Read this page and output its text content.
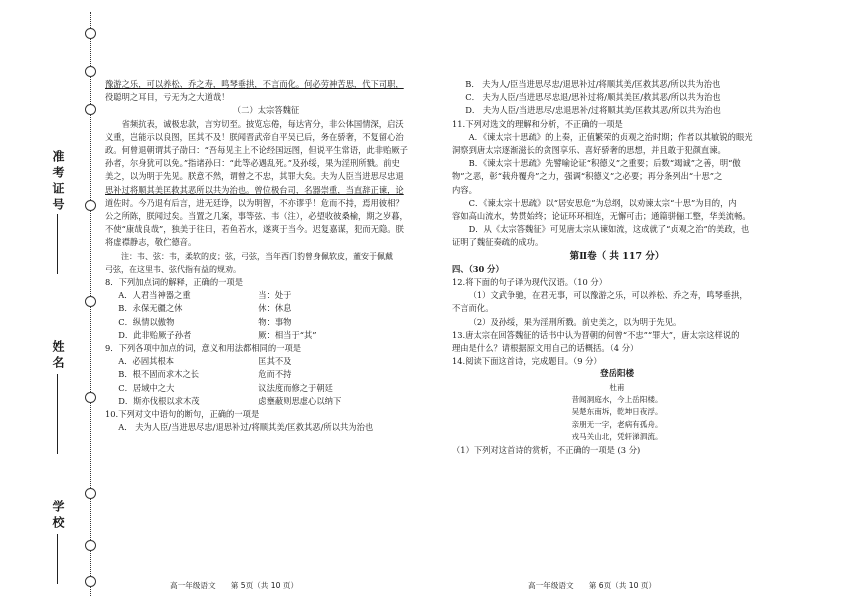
准考证号
姓名
学校

豫游之乐，可以养松、乔之寿，鸣琴垂拱，不言而化。何必劳神苦思，代下司职，

役聪明之耳目，亏无为之大道哉！

（二）太宗答魏征

省频抗表，诚极忠款，言穷切至。披览忘倦，每达宵分，非公体国情深，启沃

义重，岂能示以良图，匡其不及！朕闻晋武帝自平吴已后，务在骄奢，不复留心治

政。何曾退朝谓其子劭曰：“吾每见主上不论经国远图，但说平生常语，此非贻厥子

孙者，尔身犹可以免。”指诸孙曰：“此等必遇乱死。”及孙绥，果为淫刑所戮。前史

美之，以为明于先见。朕意不然，谓曾之不忠，其罪大矣。夫为人臣当进思尽忠退

思补过将顺其美匡救其恶所以共为治也。曾位极台司，名器崇重，当直辞正谏，论

道佐时。今乃退有后言，进无廷诤，以为明智，不亦谬乎！危而不持，焉用彼相？

公之所陈，朕闻过矣。当置之几案，事等弦、韦（注），必望收彼桑榆，期之岁暮，

不使“康哉良哉”，独美于往日，若鱼若水，遂爽于当今。迟复嘉谋，犯而无隐。朕

将虚襟静志，敬伫德音。

注：韦、弦：韦，柔软的皮；弦，弓弦，当年西门豹曾身佩软皮，董安于佩戴

弓弦，在这里韦、弦代指有益的规劝。

8．下列加点词的解释，正确的一项是

A．人君当神器之重	当：处于
B．永保无疆之休	休：休息
C．纵情以傲物	物：事物
D．此非贻厥子孙者	厥：相当于“其”

9．下列各项中加点的词，意义和用法都相同的一项是

A．必固其根本	匡其不及
B．根不固而求木之长	危而不持
C．居域中之大	议法度而修之于朝廷
D．斯亦伐根以求木茂	虑壅蔽则思虚心以纳下

10.下列对文中语句的断句，正确的一项是

A． 夫为人臣/当进思尽忠/退思补过/将顺其美/匡救其恶/所以共为治也

高一年级语文   第 5页（共 10 页）

B． 夫为人/臣当进思尽忠/退思补过/将顺其美/匡救其恶/所以共为治也

C． 夫为人臣/当进思尽忠退/思补过将/顺其美匡/救其恶/所以共为治也

D． 夫为人臣/当进思尽/忠退思补/过将顺其美/匡救其恶/所以共为治也

11.下列对选文的理解和分析，不正确的一项是

A．《谏太宗十思疏》的上奏，正值繁荣的贞观之治时期；作者以其敏锐的眼光

洞察到唐太宗逐渐滋长的贪图享乐、喜好骄奢的思想，并且敢于犯颜直谏。

B．《谏太宗十思疏》先譬喻论证“积德义”之重要；后数“竭诚”之善，明“傲

物”之恶，彰“载舟覆舟”之力，强调“积德义”之必要；再分条列出“十思”之

内容。

C．《谏太宗十思疏》以“居安思危”为总纲，以劝谏太宗“十思”为目的，内

容如高山流水，势贯始终；论证环环相连，无懈可击；通篇骈俪工整，华美流畅。

D．从《太宗答魏征》可见唐太宗从谏如流，这成就了“贞观之治”的美政，也

证明了魏征奏疏的成功。

第Ⅱ卷（ 共 117 分）

四、（30 分）

12.将下面的句子译为现代汉语。（10 分）

（1）文武争驰，在君无事，可以豫游之乐，可以养松、乔之寿，鸣琴垂拱，

不言而化。

（2）及孙绥，果为淫刑所戮。前史美之，以为明于先见。

13.唐太宗在回答魏征的话书中认为晋朝的何曾“不忠”“罪大”，唐太宗这样说的

理由是什么？请根据原文用自己的话概括。（4 分）

14.阅读下面这首诗，完成题目。（9 分）

登岳阳楼

杜甫

昔闻洞庭水，今上岳阳楼。

吴楚东南坼，乾坤日夜浮。

亲朋无一字，老病有孤舟。

戎马关山北，凭轩涕泗流。

（1）下列对这首诗的赏析，不正确的一项是 (3 分)

高一年级语文   第 6页（共 10 页）
